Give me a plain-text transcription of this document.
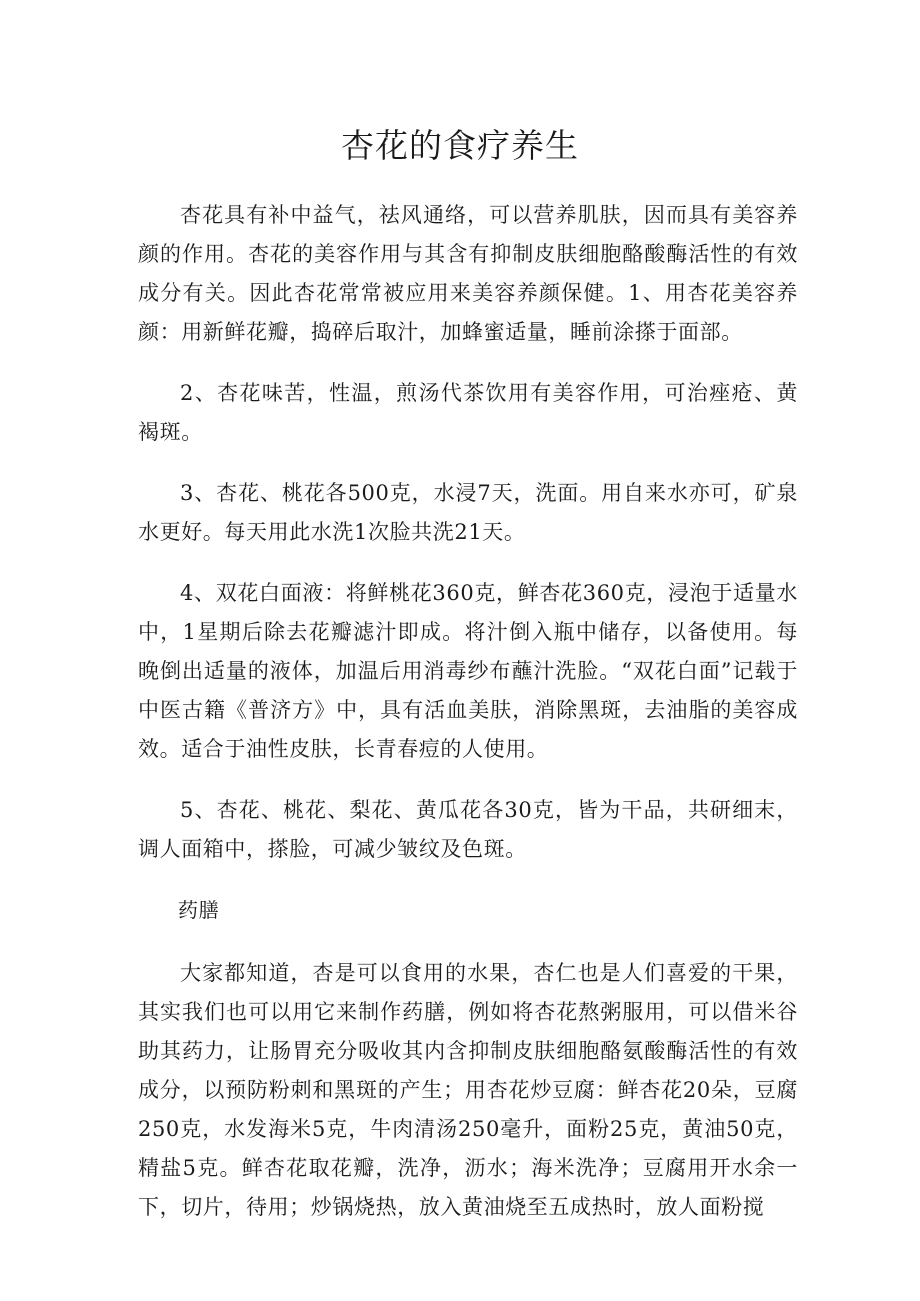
杏花的食疗养生

杏花具有补中益气，祛风通络，可以营养肌肤，因而具有美容养颜的作用。杏花的美容作用与其含有抑制皮肤细胞酪酸酶活性的有效成分有关。因此杏花常常被应用来美容养颜保健。1、用杏花美容养颜：用新鲜花瓣，捣碎后取汁，加蜂蜜适量，睡前涂搽于面部。

2、杏花味苦，性温，煎汤代茶饮用有美容作用，可治痤疮、黄褐斑。

3、杏花、桃花各500克，水浸7天，洗面。用自来水亦可，矿泉水更好。每天用此水洗1次脸共洗21天。

4、双花白面液：将鲜桃花360克，鲜杏花360克，浸泡于适量水中，1星期后除去花瓣滤汁即成。将汁倒入瓶中储存，以备使用。每晚倒出适量的液体，加温后用消毒纱布蘸汁洗脸。“双花白面”记载于中医古籍《普济方》中，具有活血美肤，消除黑斑，去油脂的美容成效。适合于油性皮肤，长青春痘的人使用。

5、杏花、桃花、梨花、黄瓜花各30克，皆为干品，共研细末，调人面箱中，搽脸，可减少皱纹及色斑。

药膳

大家都知道，杏是可以食用的水果，杏仁也是人们喜爱的干果，其实我们也可以用它来制作药膳，例如将杏花熬粥服用，可以借米谷助其药力，让肠胃充分吸收其内含抑制皮肤细胞酪氨酸酶活性的有效成分，以预防粉刺和黑斑的产生；用杏花炒豆腐：鲜杏花20朵，豆腐250克，水发海米5克，牛肉清汤250毫升，面粉25克，黄油50克，精盐5克。鲜杏花取花瓣，洗净，沥水；海米洗净；豆腐用开水余一下，切片，待用；炒锅烧热，放入黄油烧至五成热时，放人面粉搅
